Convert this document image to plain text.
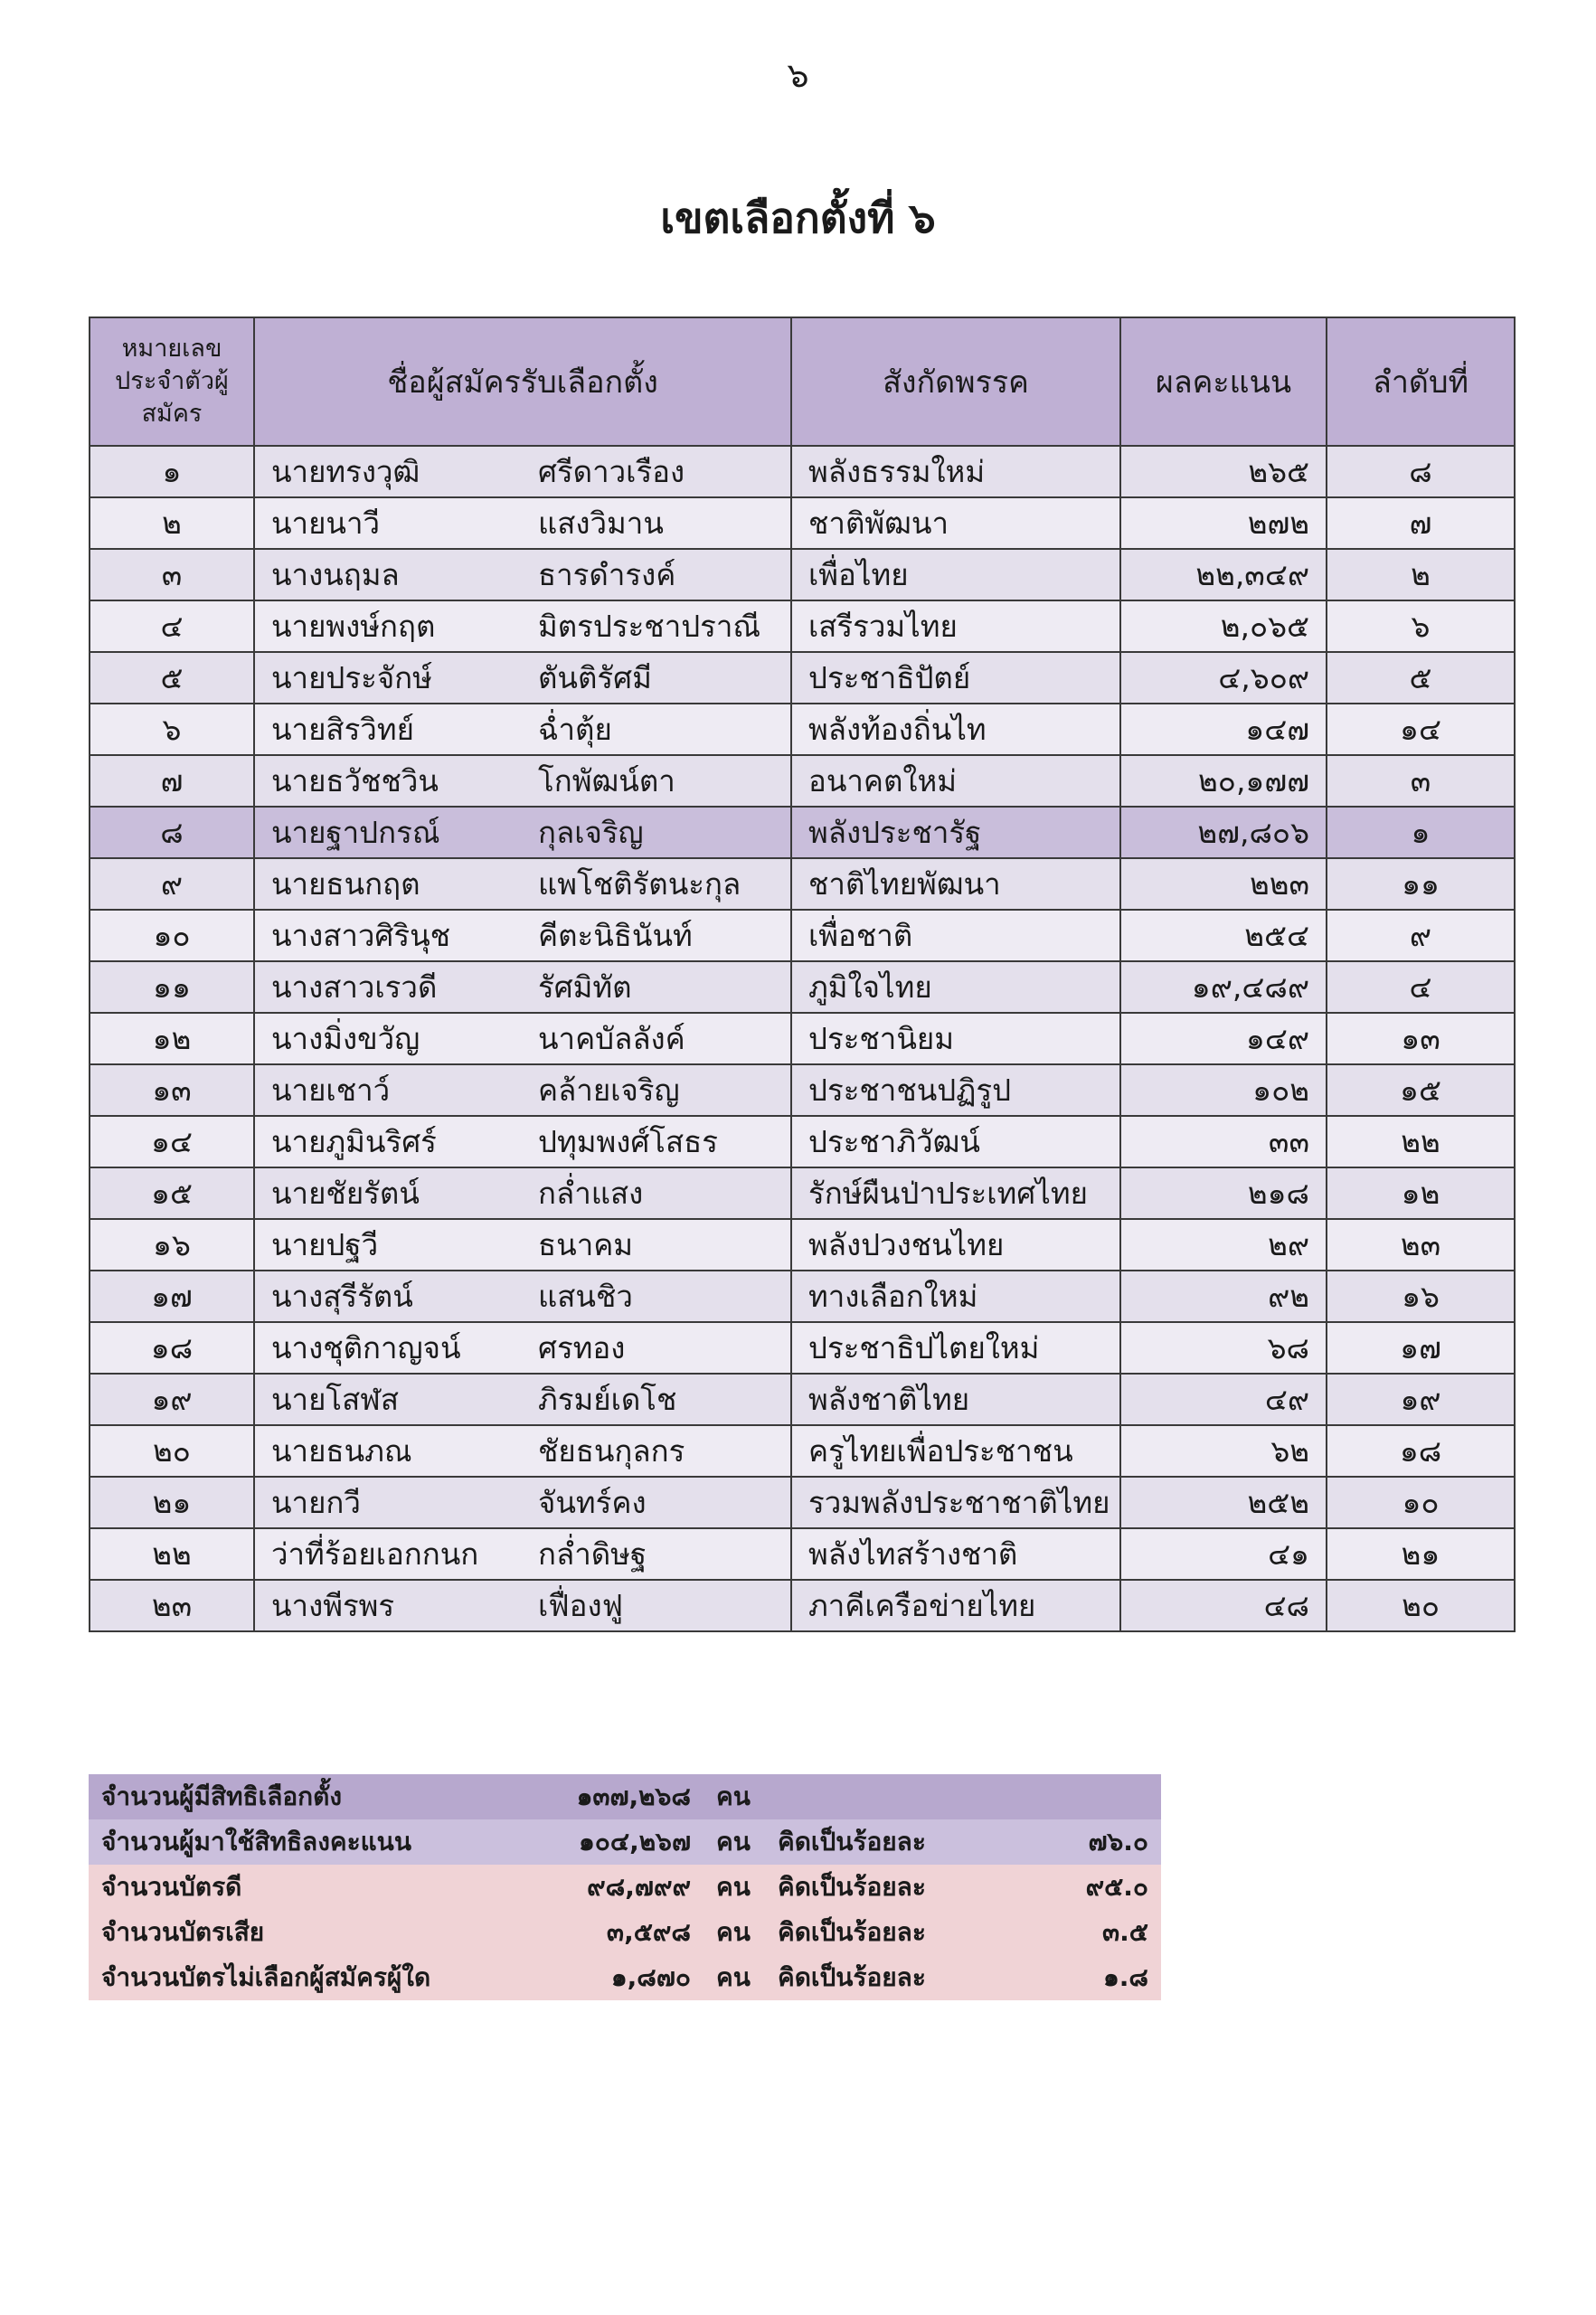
๖
เขตเลือกตั้งที่ ๖
หมายเลขประจำตัวผู้สมัคร	ชื่อผู้สมัครรับเลือกตั้ง		สังกัดพรรค	ผลคะแนน	ลำดับที่
๑	นายทรงวุฒิ	ศรีดาวเรือง	พลังธรรมใหม่	๒๖๕	๘
๒	นายนาวี	แสงวิมาน	ชาติพัฒนา	๒๗๒	๗
๓	นางนฤมล	ธารดำรงค์	เพื่อไทย	๒๒,๓๔๙	๒
๔	นายพงษ์กฤต	มิตรประชาปราณี	เสรีรวมไทย	๒,๐๖๕	๖
๕	นายประจักษ์	ตันติรัศมี	ประชาธิปัตย์	๔,๖๐๙	๕
๖	นายสิรวิทย์	ฉ่ำตุ้ย	พลังท้องถิ่นไท	๑๔๗	๑๔
๗	นายธวัชชวิน	โกพัฒน์ตา	อนาคตใหม่	๒๐,๑๗๗	๓
๘	นายฐาปกรณ์	กุลเจริญ	พลังประชารัฐ	๒๗,๘๐๖	๑
๙	นายธนกฤต	แพโชติรัตนะกุล	ชาติไทยพัฒนา	๒๒๓	๑๑
๑๐	นางสาวศิรินุช	คีตะนิธินันท์	เพื่อชาติ	๒๕๔	๙
๑๑	นางสาวเรวดี	รัศมิทัต	ภูมิใจไทย	๑๙,๔๘๙	๔
๑๒	นางมิ่งขวัญ	นาคบัลลังค์	ประชานิยม	๑๔๙	๑๓
๑๓	นายเชาว์	คล้ายเจริญ	ประชาชนปฏิรูป	๑๐๒	๑๕
๑๔	นายภูมินริศร์	ปทุมพงศ์โสธร	ประชาภิวัฒน์	๓๓	๒๒
๑๕	นายชัยรัตน์	กล่ำแสง	รักษ์ผืนป่าประเทศไทย	๒๑๘	๑๒
๑๖	นายปฐวี	ธนาคม	พลังปวงชนไทย	๒๙	๒๓
๑๗	นางสุรีรัตน์	แสนชิว	ทางเลือกใหม่	๙๒	๑๖
๑๘	นางชุติกาญจน์	ศรทอง	ประชาธิปไตยใหม่	๖๘	๑๗
๑๙	นายโสฬส	ภิรมย์เดโช	พลังชาติไทย	๔๙	๑๙
๒๐	นายธนภณ	ชัยธนกุลกร	ครูไทยเพื่อประชาชน	๖๒	๑๘
๒๑	นายกวี	จันทร์คง	รวมพลังประชาชาติไทย	๒๕๒	๑๐
๒๒	ว่าที่ร้อยเอกกนก	กล่ำดิษฐ	พลังไทสร้างชาติ	๔๑	๒๑
๒๓	นางพีรพร	เฟื่องฟู	ภาคีเครือข่ายไทย	๔๘	๒๐
จำนวนผู้มีสิทธิเลือกตั้ง	๑๓๗,๒๖๘	คน		
จำนวนผู้มาใช้สิทธิลงคะแนน	๑๐๔,๒๖๗	คน	คิดเป็นร้อยละ	๗๖.๐
จำนวนบัตรดี	๙๘,๗๙๙	คน	คิดเป็นร้อยละ	๙๕.๐
จำนวนบัตรเสีย	๓,๕๙๘	คน	คิดเป็นร้อยละ	๓.๕
จำนวนบัตรไม่เลือกผู้สมัครผู้ใด	๑,๘๗๐	คน	คิดเป็นร้อยละ	๑.๘
